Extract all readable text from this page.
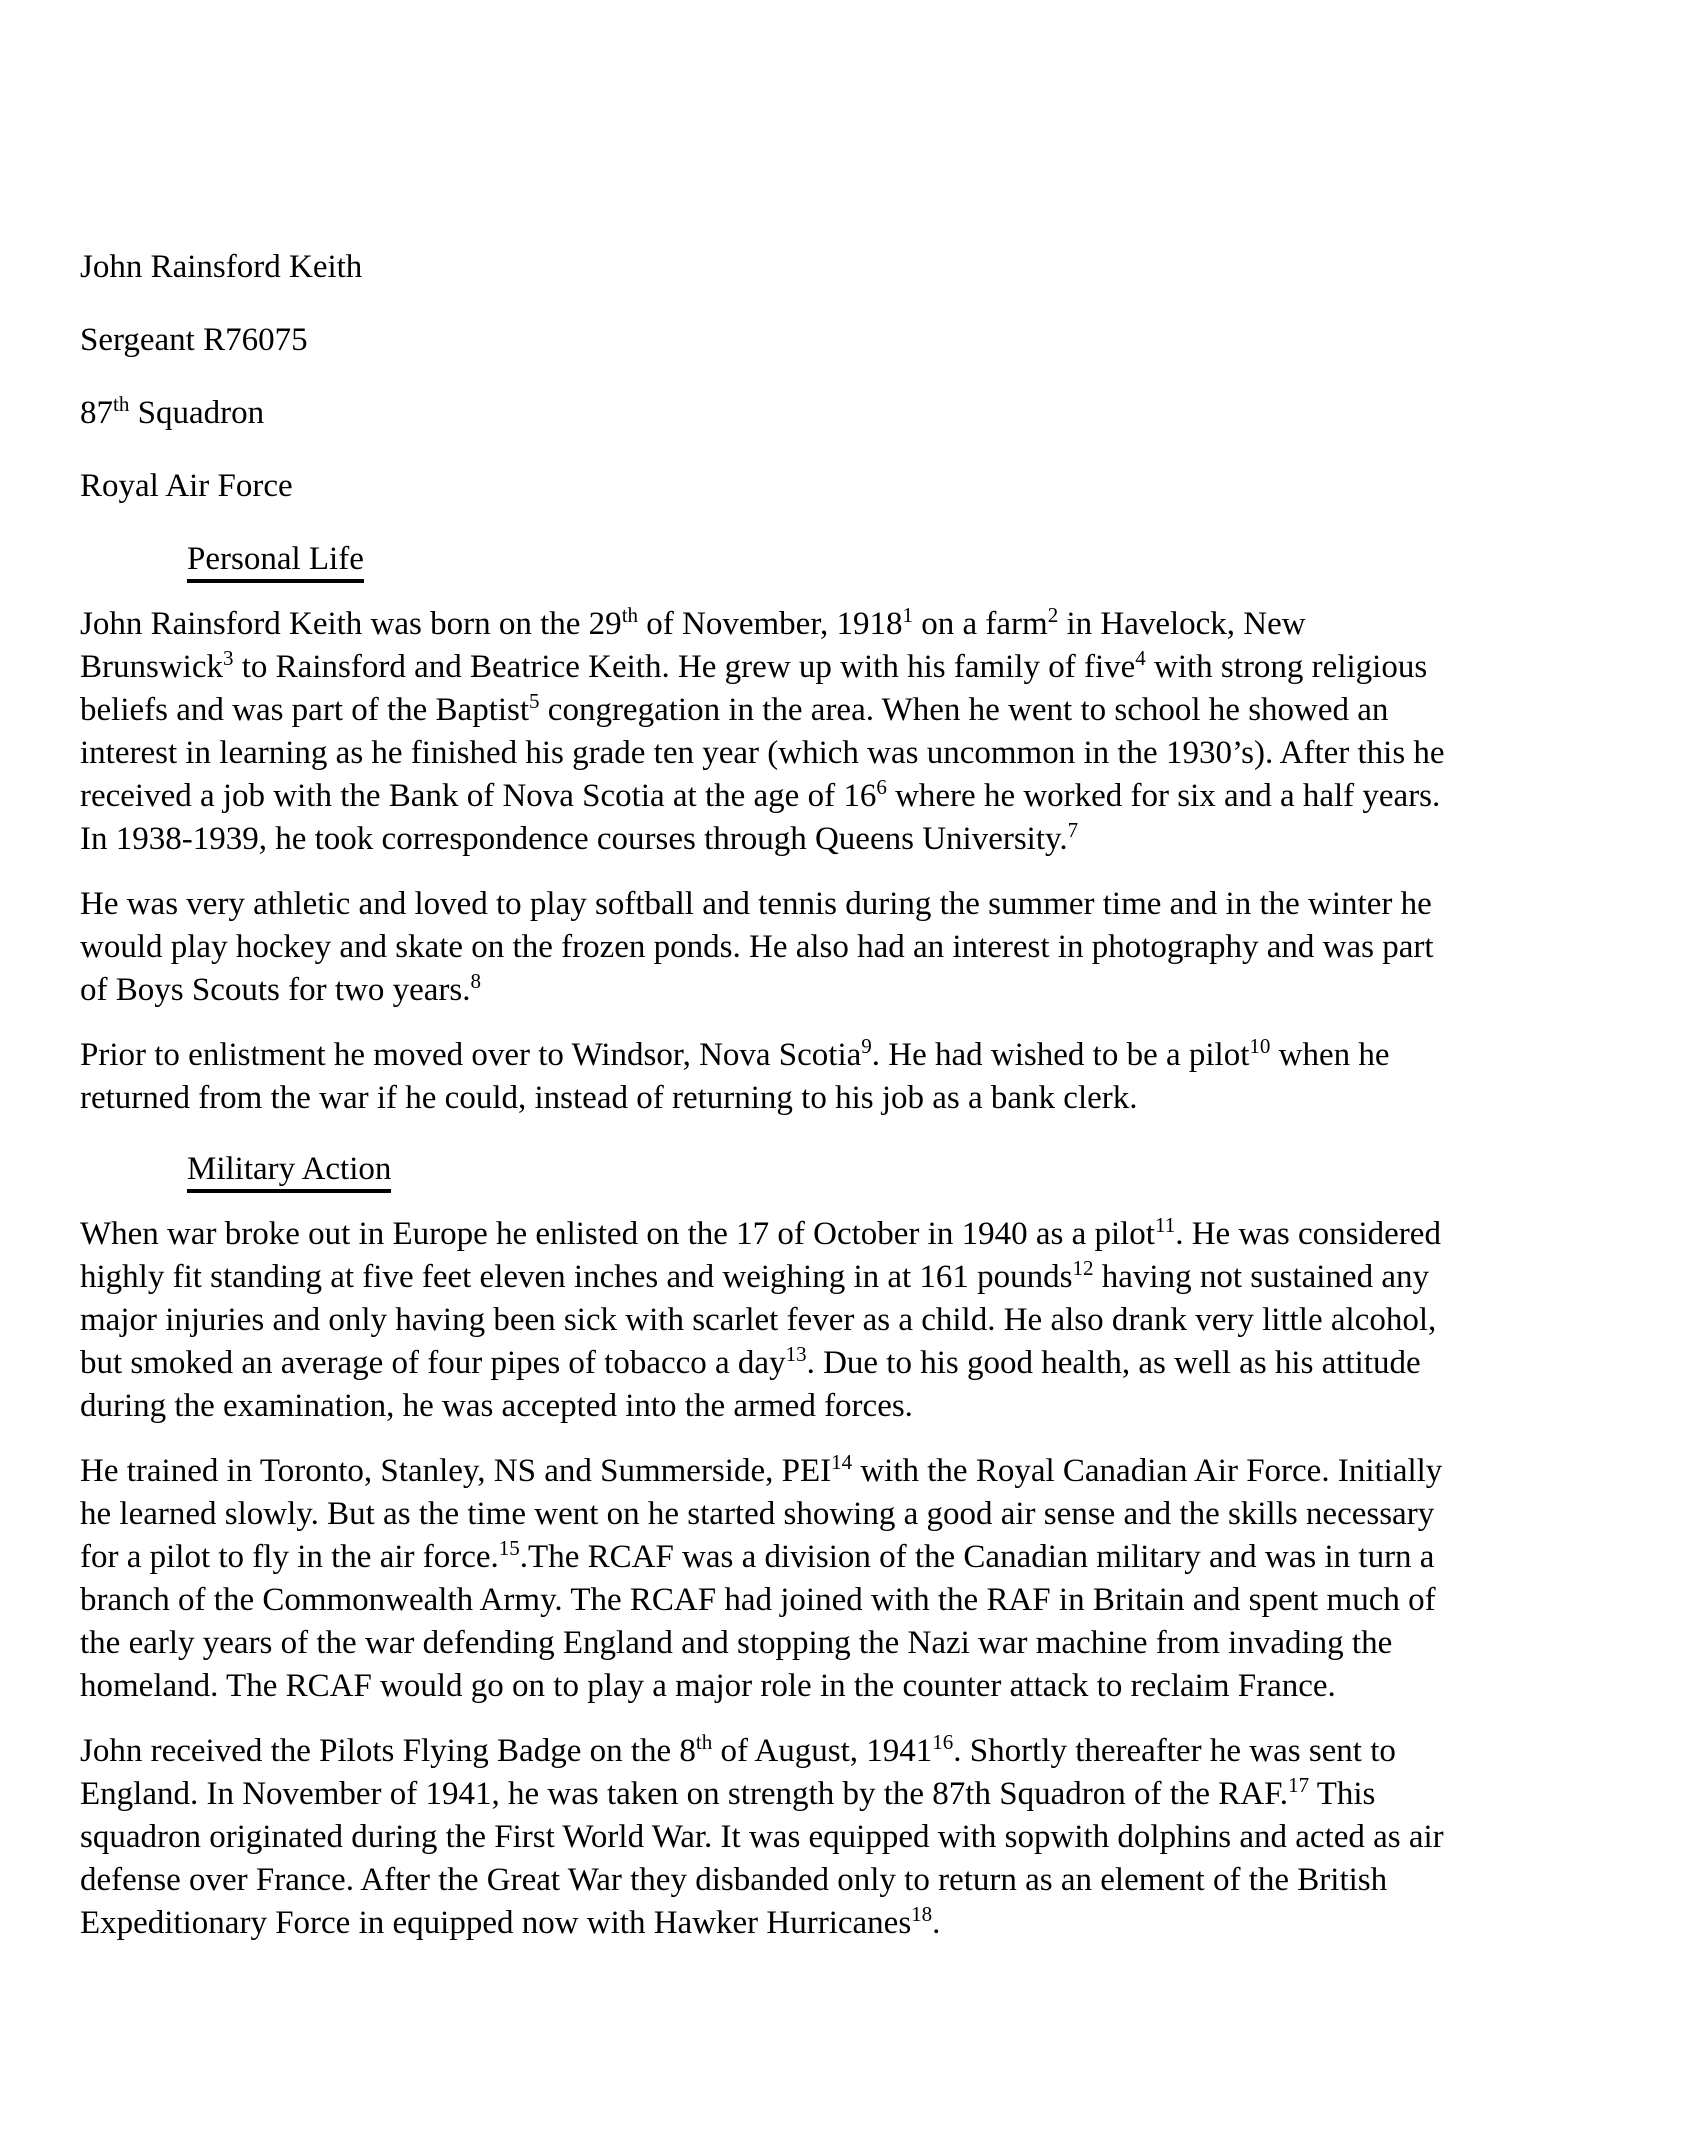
John Rainsford Keith

Sergeant R76075

87th Squadron

Royal Air Force

Personal Life

John Rainsford Keith was born on the 29th of November, 1918$^1$ on a farm$^2$ in Havelock, New Brunswick$^3$ to Rainsford and Beatrice Keith. He grew up with his family of five$^4$ with strong religious beliefs and was part of the Baptist$^5$ congregation in the area. When he went to school he showed an interest in learning as he finished his grade ten year (which was uncommon in the 1930’s). After this he received a job with the Bank of Nova Scotia at the age of $16^6$ where he worked for six and a half years. In 1938-1939, he took correspondence courses through Queens University.$^7$

He was very athletic and loved to play softball and tennis during the summer time and in the winter he would play hockey and skate on the frozen ponds. He also had an interest in photography and was part of Boys Scouts for two years.$^8$

Prior to enlistment he moved over to Windsor, Nova Scotia$^9$. He had wished to be a pilot$^{10}$ when he returned from the war if he could, instead of returning to his job as a bank clerk.

Military Action

When war broke out in Europe he enlisted on the 17 of October in 1940 as a pilot$^{11}$. He was considered highly fit standing at five feet eleven inches and weighing in at 161 pounds$^{12}$ having not sustained any major injuries and only having been sick with scarlet fever as a child. He also drank very little alcohol, but smoked an average of four pipes of tobacco a day$^{13}$. Due to his good health, as well as his attitude during the examination, he was accepted into the armed forces.

He trained in Toronto, Stanley, NS and Summerside, PEI$^{14}$ with the Royal Canadian Air Force. Initially he learned slowly. But as the time went on he started showing a good air sense and the skills necessary for a pilot to fly in the air force.$^{15}$.The RCAF was a division of the Canadian military and was in turn a branch of the Commonwealth Army. The RCAF had joined with the RAF in Britain and spent much of the early years of the war defending England and stopping the Nazi war machine from invading the homeland. The RCAF would go on to play a major role in the counter attack to reclaim France.

John received the Pilots Flying Badge on the 8th of August, 1941$^{16}$. Shortly thereafter he was sent to England. In November of 1941, he was taken on strength by the 87th Squadron of the RAF.$^{17}$ This squadron originated during the First World War. It was equipped with sopwith dolphins and acted as air defense over France. After the Great War they disbanded only to return as an element of the British Expeditionary Force in equipped now with Hawker Hurricanes$^{18}$.
